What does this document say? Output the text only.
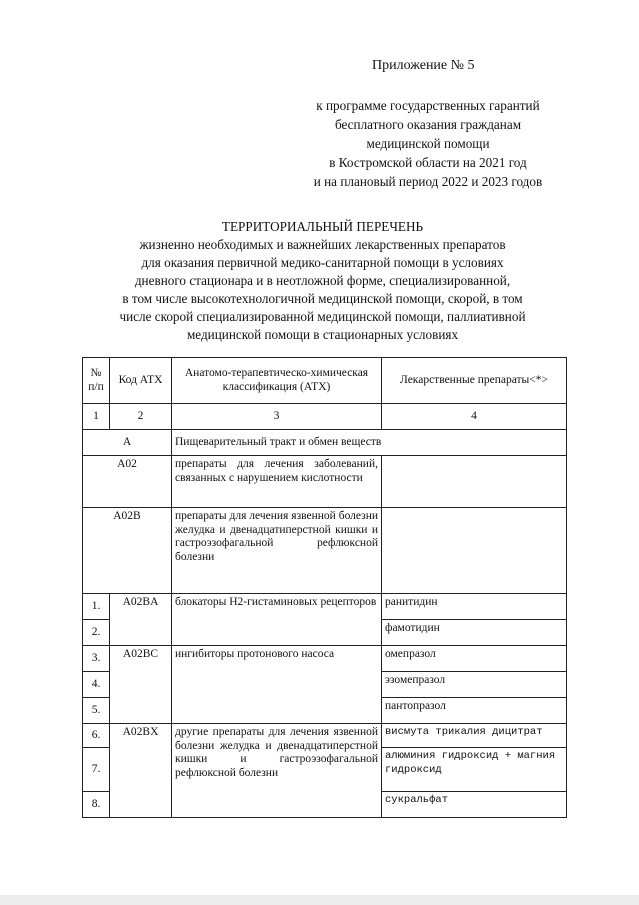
Приложение № 5
к программе государственных гарантий
бесплатного оказания гражданам
медицинской помощи
в Костромской области на 2021 год
и на плановый период 2022 и 2023 годов
ТЕРРИТОРИАЛЬНЫЙ ПЕРЕЧЕНЬ
жизненно необходимых и важнейших лекарственных препаратов
для оказания первичной медико-санитарной помощи в условиях
дневного стационара и в неотложной форме, специализированной,
в том числе высокотехнологичной медицинской помощи, скорой, в том
числе скорой специализированной медицинской помощи, паллиативной
медицинской помощи в стационарных условиях
№ п/п	Код АТХ	Анатомо-терапевтическо-химическая классификация (АТХ)	Лекарственные препараты<*>
1	2	3	4
A		Пищеварительный тракт и обмен веществ	
A02		препараты для лечения заболеваний, связанных с нарушением кислотности	
A02B		препараты для лечения язвенной болезни желудка и двенадцатиперстной кишки и гастроэзофагальной рефлюксной болезни	
1.	A02BA	блокаторы H2-гистаминовых рецепторов	ранитидин
2.			фамотидин
3.	A02BC	ингибиторы протонового насоса	омепразол
4.			эзомепразол
5.			пантопразол
6.	A02BX	другие препараты для лечения язвенной болезни желудка и двенадцатиперстной кишки и гастроэзофагальной рефлюксной болезни	висмута трикалия дицитрат
7.			алюминия гидроксид + магния гидроксид
8.			сукральфат
